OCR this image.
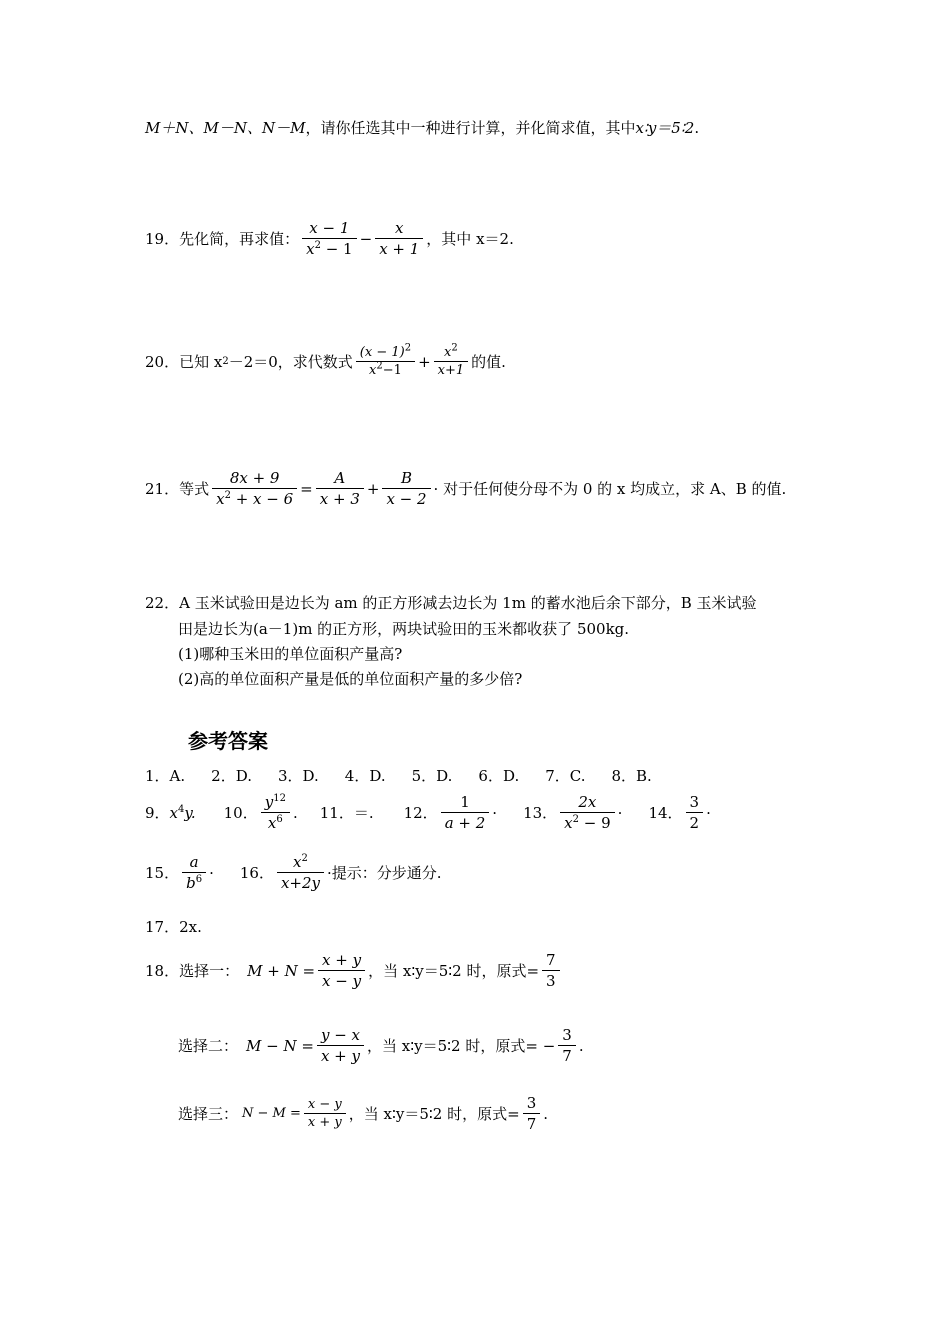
M＋N、M－N、N－M，请你任选其中一种进行计算，并化简求值，其中x∶y＝5∶2.
19． 先化简，再求值： $\frac{x - 1}{x^2 - 1} - \frac{x}{x + 1}$ ，其中 x＝2.
20． 已知 x 2 －2＝0，求代数式 $\frac{(x - 1)^2}{x^2-1} + \frac{x^2}{x+1}$ 的值.
21． 等式 $\frac{8x + 9}{x^2 + x - 6} = \frac{A}{x + 3} + \frac{B}{x - 2}$ · 对于任何使分母不为 0 的 x 均成立，求 A、B 的值.
22．A 玉米试验田是边长为 am 的正方形减去边长为 1m 的蓄水池后余下部分，B 玉米试验
田是边长为(a－1)m 的正方形，两块试验田的玉米都收获了 500kg.
(1)哪种玉米田的单位面积产量高?
(2)高的单位面积产量是低的单位面积产量的多少倍?
参考答案
1．A. 2．D. 3．D. 4．D. 5．D. 6．D. 7．C. 8．B.
9．$x^4y$. 10． $\frac{y^{12}}{x^6}$ . 11．＝. 12． $\frac{1}{a + 2} \cdot 13$． $\frac{2x}{x^2 - 9} \cdot 14$． $\frac{3}{2}$ ·
15． $\frac{a}{b^6} \cdot 16$． $\frac{x^2}{x+2y}$ · 提示：分步通分.
17．2x.
18． 选择一： $M + N = \frac{x + y}{x - y}$ ，当 x∶y＝5∶2 时，原式 = $\frac{7}{3}$
选择二： $M - N = \frac{y - x}{x + y}$ ，当 x∶y＝5∶2 时，原式 = − $\frac{3}{7}$ .
选择三： $N - M = \frac{x - y}{x + y}$ ，当 x∶y＝5∶2 时，原式 = $\frac{3}{7}$ .
